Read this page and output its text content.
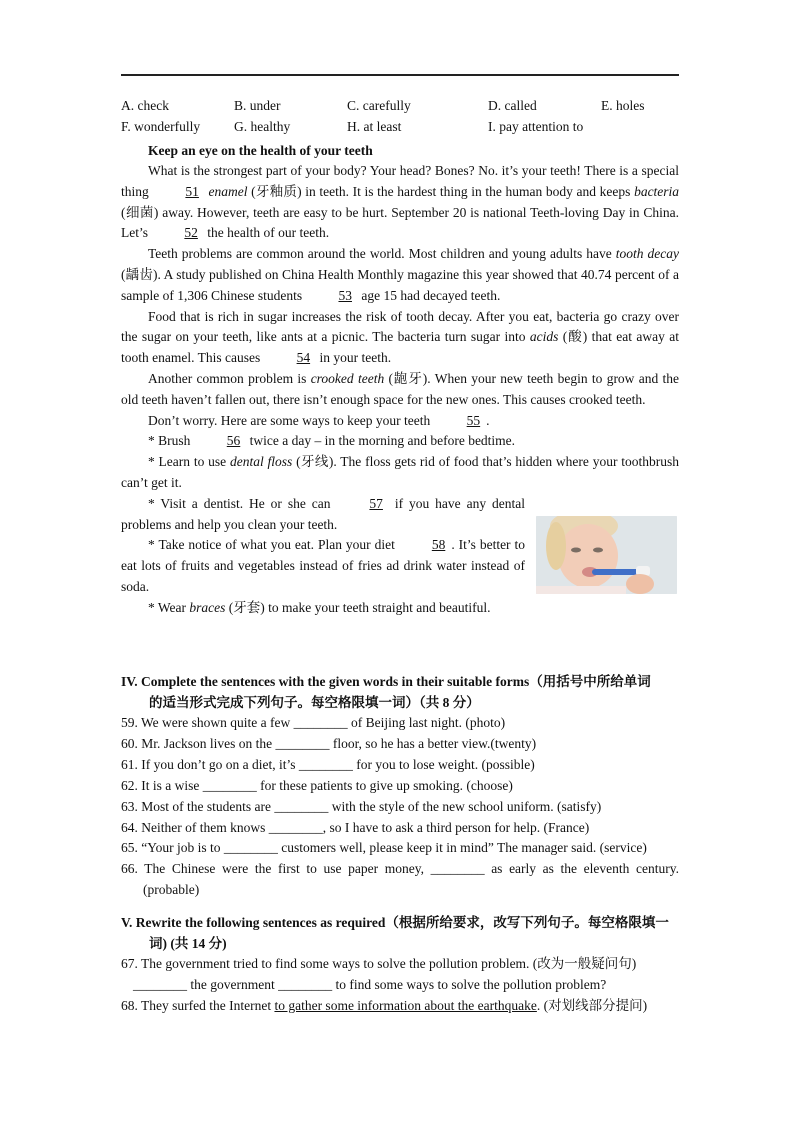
A. check	B. under	C. carefully	D. called	E. holes
F. wonderfully	G. healthy	H. at least	I. pay attention to
Keep an eye on the health of your teeth

What is the strongest part of your body? Your head? Bones? No. it’s your teeth! There is a special thing	51 enamel (牙釉质) in teeth. It is the hardest thing in the human body and keeps bacteria (细菌) away. However, teeth are easy to be hurt. September 20 is national Teeth-loving Day in China. Let’s	52 the health of our teeth.

Teeth problems are common around the world. Most children and young adults have tooth decay (龋齿). A study published on China Health Monthly magazine this year showed that 40.74 percent of a sample of 1,306 Chinese students	53 age 15 had decayed teeth.

Food that is rich in sugar increases the risk of tooth decay. After you eat, bacteria go crazy over the sugar on your teeth, like ants at a picnic. The bacteria turn sugar into acids (酸) that eat away at tooth enamel. This causes	54 in your teeth.

Another common problem is crooked teeth (龅牙). When your new teeth begin to grow and the old teeth haven’t fallen out, there isn’t enough space for the new ones. This causes crooked teeth.

Don’t worry. Here are some ways to keep your teeth	55 .

* Brush	56 twice a day – in the morning and before bedtime.

* Learn to use dental floss (牙线). The floss gets rid of food that’s hidden where your toothbrush can’t get it.

* Visit a dentist. He or she can	57 if you have any dental problems and help you clean your teeth.

* Take notice of what you eat. Plan your diet	58 . It’s better to eat lots of fruits and vegetables instead of fries ad drink water instead of soda.

* Wear braces (牙套) to make your teeth straight and beautiful.

IV. Complete the sentences with the given words in their suitable forms（用括号中所给单词
的适当形式完成下列句子。每空格限填一词）（共 8 分）

59. We were shown quite a few ________ of Beijing last night. (photo)

60. Mr. Jackson lives on the ________ floor, so he has a better view.(twenty)

61. If you don’t go on a diet, it’s ________ for you to lose weight. (possible)

62. It is a wise ________ for these patients to give up smoking. (choose)

63. Most of the students are ________ with the style of the new school uniform. (satisfy)

64. Neither of them knows ________, so I have to ask a third person for help. (France)

65. “Your job is to ________ customers well, please keep it in mind” The manager said. (service)

66. The Chinese were the first to use paper money, ________ as early as the eleventh century. (probable)

V. Rewrite the following sentences as required（根据所给要求，改写下列句子。每空格限填一
词) (共 14 分)

67. The government tried to find some ways to solve the pollution problem. (改为一般疑问句)

________ the government ________ to find some ways to solve the pollution problem?

68. They surfed the Internet to gather some information about the earthquake. (对划线部分提问)
